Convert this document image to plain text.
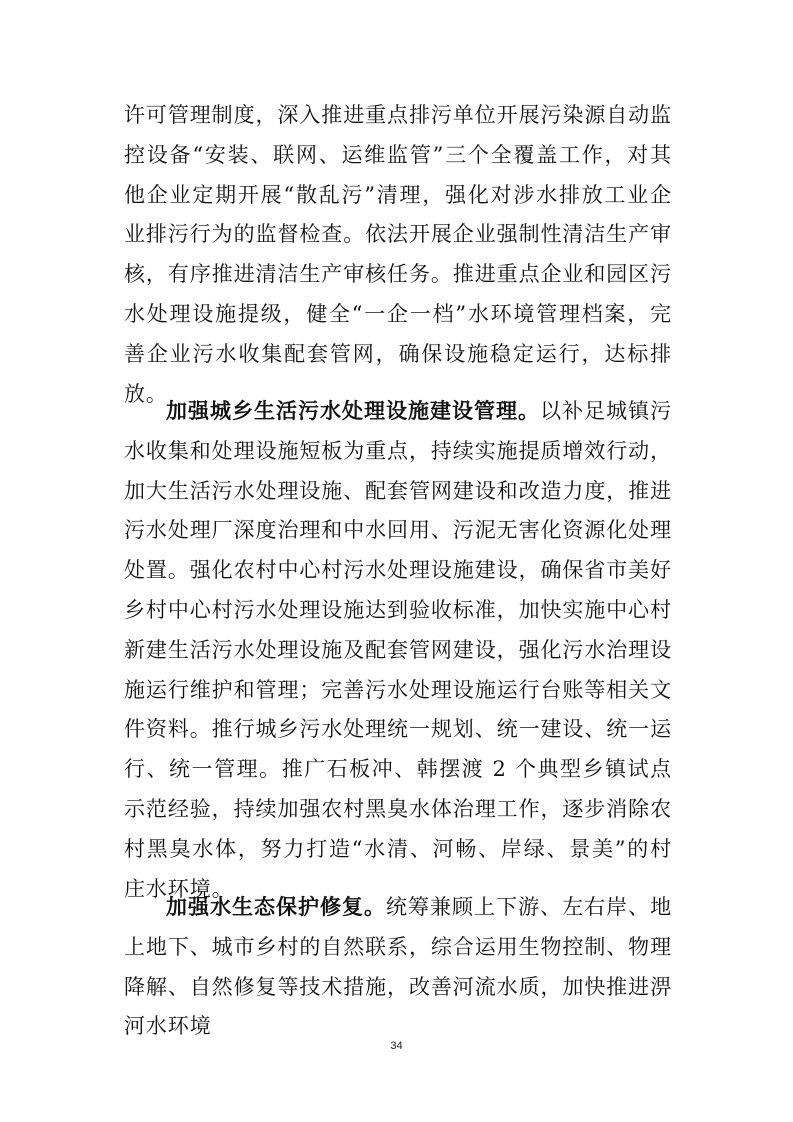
许可管理制度，深入推进重点排污单位开展污染源自动监控设备“安装、联网、运维监管”三个全覆盖工作，对其他企业定期开展“散乱污”清理，强化对涉水排放工业企业排污行为的监督检查。依法开展企业强制性清洁生产审核，有序推进清洁生产审核任务。推进重点企业和园区污水处理设施提级，健全“一企一档”水环境管理档案，完善企业污水收集配套管网，确保设施稳定运行，达标排放。

加强城乡生活污水处理设施建设管理。以补足城镇污水收集和处理设施短板为重点，持续实施提质增效行动，加大生活污水处理设施、配套管网建设和改造力度，推进污水处理厂深度治理和中水回用、污泥无害化资源化处理处置。强化农村中心村污水处理设施建设，确保省市美好乡村中心村污水处理设施达到验收标准，加快实施中心村新建生活污水处理设施及配套管网建设，强化污水治理设施运行维护和管理；完善污水处理设施运行台账等相关文件资料。推行城乡污水处理统一规划、统一建设、统一运行、统一管理。推广石板冲、韩摆渡 2 个典型乡镇试点示范经验，持续加强农村黑臭水体治理工作，逐步消除农村黑臭水体，努力打造“水清、河畅、岸绿、景美”的村庄水环境。

加强水生态保护修复。统筹兼顾上下游、左右岸、地上地下、城市乡村的自然联系，综合运用生物控制、物理降解、自然修复等技术措施，改善河流水质，加快推进淠河水环境

34
